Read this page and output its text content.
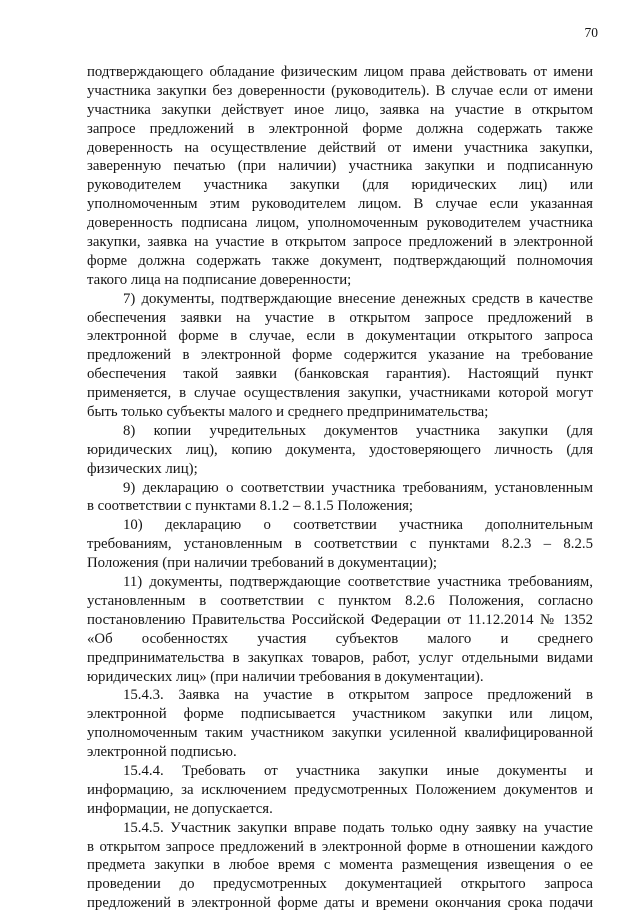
70
подтверждающего обладание физическим лицом права действовать от имени
участника закупки без доверенности (руководитель). В случае если от имени
участника закупки действует иное лицо, заявка на участие в открытом
запросе предложений в электронной форме должна содержать также
доверенность на осуществление действий от имени участника закупки,
заверенную печатью (при наличии) участника закупки и подписанную
руководителем участника закупки (для юридических лиц) или
уполномоченным этим руководителем лицом. В случае если указанная
доверенность подписана лицом, уполномоченным руководителем участника
закупки, заявка на участие в открытом запросе предложений в электронной
форме должна содержать также документ, подтверждающий полномочия
такого лица на подписание доверенности;
7) документы, подтверждающие внесение денежных средств в качестве
обеспечения заявки на участие в открытом запросе предложений в
электронной форме в случае, если в документации открытого запроса
предложений в электронной форме содержится указание на требование
обеспечения такой заявки (банковская гарантия). Настоящий пункт
применяется, в случае осуществления закупки, участниками которой могут
быть только субъекты малого и среднего предпринимательства;
8) копии учредительных документов участника закупки (для
юридических лиц), копию документа, удостоверяющего личность (для
физических лиц);
9) декларацию о соответствии участника требованиям, установленным
в соответствии с пунктами 8.1.2 – 8.1.5 Положения;
10) декларацию о соответствии участника дополнительным
требованиям, установленным в соответствии с пунктами 8.2.3 – 8.2.5
Положения (при наличии требований в документации);
11) документы, подтверждающие соответствие участника требованиям,
установленным в соответствии с пунктом 8.2.6 Положения, согласно
постановлению Правительства Российской Федерации от 11.12.2014 № 1352
«Об особенностях участия субъектов малого и среднего
предпринимательства в закупках товаров, работ, услуг отдельными видами
юридических лиц» (при наличии требования в документации).
15.4.3. Заявка на участие в открытом запросе предложений в
электронной форме подписывается участником закупки или лицом,
уполномоченным таким участником закупки усиленной квалифицированной
электронной подписью.
15.4.4. Требовать от участника закупки иные документы и
информацию, за исключением предусмотренных Положением документов и
информации, не допускается.
15.4.5. Участник закупки вправе подать только одну заявку на участие
в открытом запросе предложений в электронной форме в отношении каждого
предмета закупки в любое время с момента размещения извещения о ее
проведении до предусмотренных документацией открытого запроса
предложений в электронной форме даты и времени окончания срока подачи
